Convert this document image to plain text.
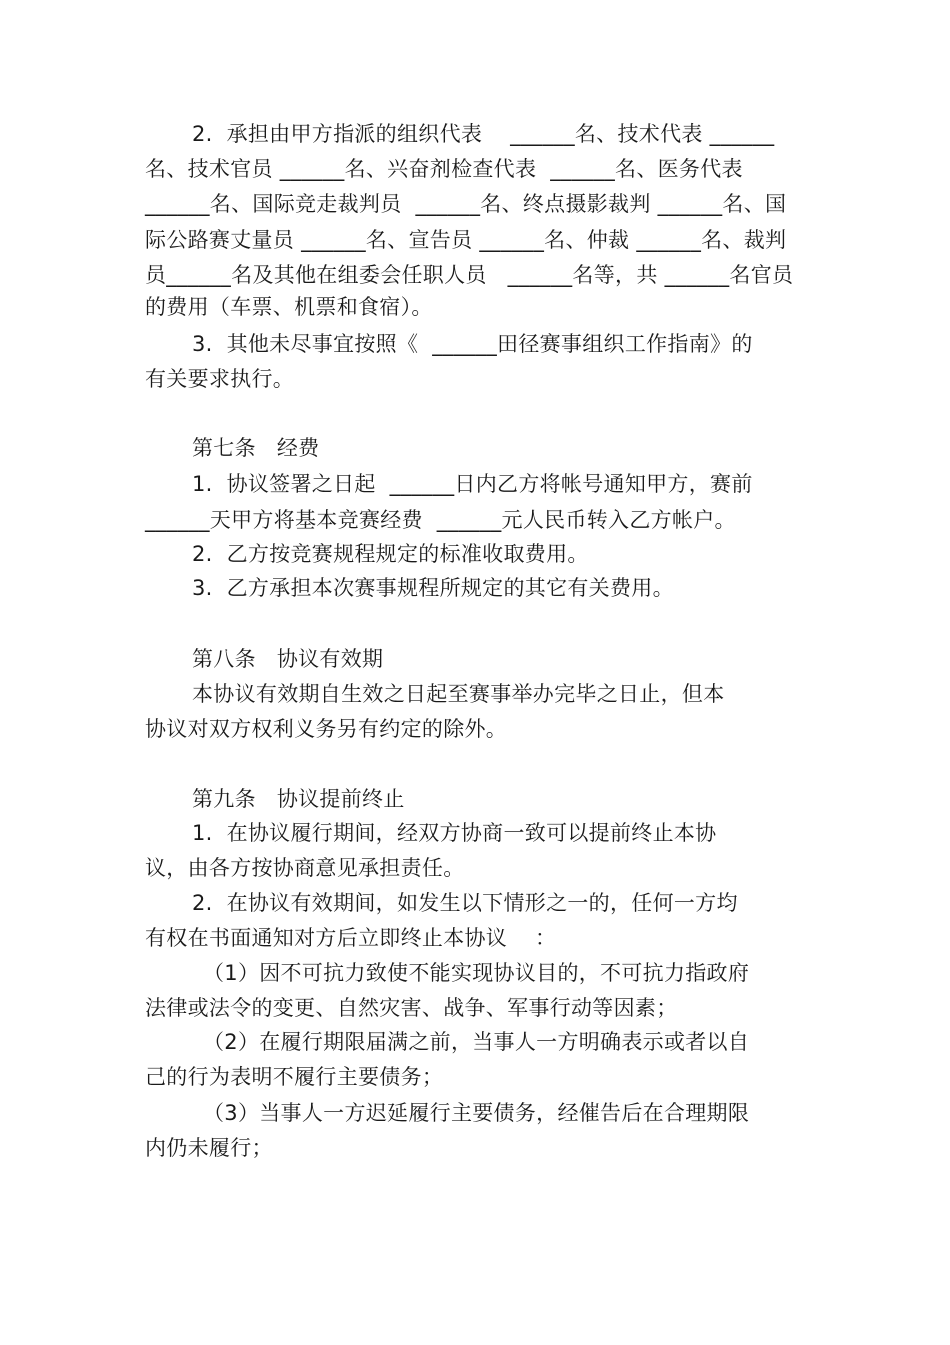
2.  承担由甲方指派的组织代表    ______名、技术代表 ______
名、技术官员 ______名、兴奋剂检查代表  ______名、医务代表
______名、国际竞走裁判员  ______名、终点摄影裁判 ______名、国
际公路赛丈量员 ______名、宣告员 ______名、仲裁 ______名、裁判
员______名及其他在组委会任职人员   ______名等，共 ______名官员
的费用（车票、机票和食宿）。
3.  其他未尽事宜按照《  ______田径赛事组织工作指南》的
有关要求执行。
第七条   经费
1.  协议签署之日起  ______日内乙方将帐号通知甲方，赛前
______天甲方将基本竞赛经费  ______元人民币转入乙方帐户。
2.  乙方按竞赛规程规定的标准收取费用。
3.  乙方承担本次赛事规程所规定的其它有关费用。
第八条   协议有效期
本协议有效期自生效之日起至赛事举办完毕之日止，但本
协议对双方权利义务另有约定的除外。
第九条   协议提前终止
1.  在协议履行期间，经双方协商一致可以提前终止本协
议，由各方按协商意见承担责任。
2.  在协议有效期间，如发生以下情形之一的，任何一方均
有权在书面通知对方后立即终止本协议    ：
（1）因不可抗力致使不能实现协议目的，不可抗力指政府
法律或法令的变更、自然灾害、战争、军事行动等因素；
（2）在履行期限届满之前，当事人一方明确表示或者以自
己的行为表明不履行主要债务；
（3）当事人一方迟延履行主要债务，经催告后在合理期限
内仍未履行；
